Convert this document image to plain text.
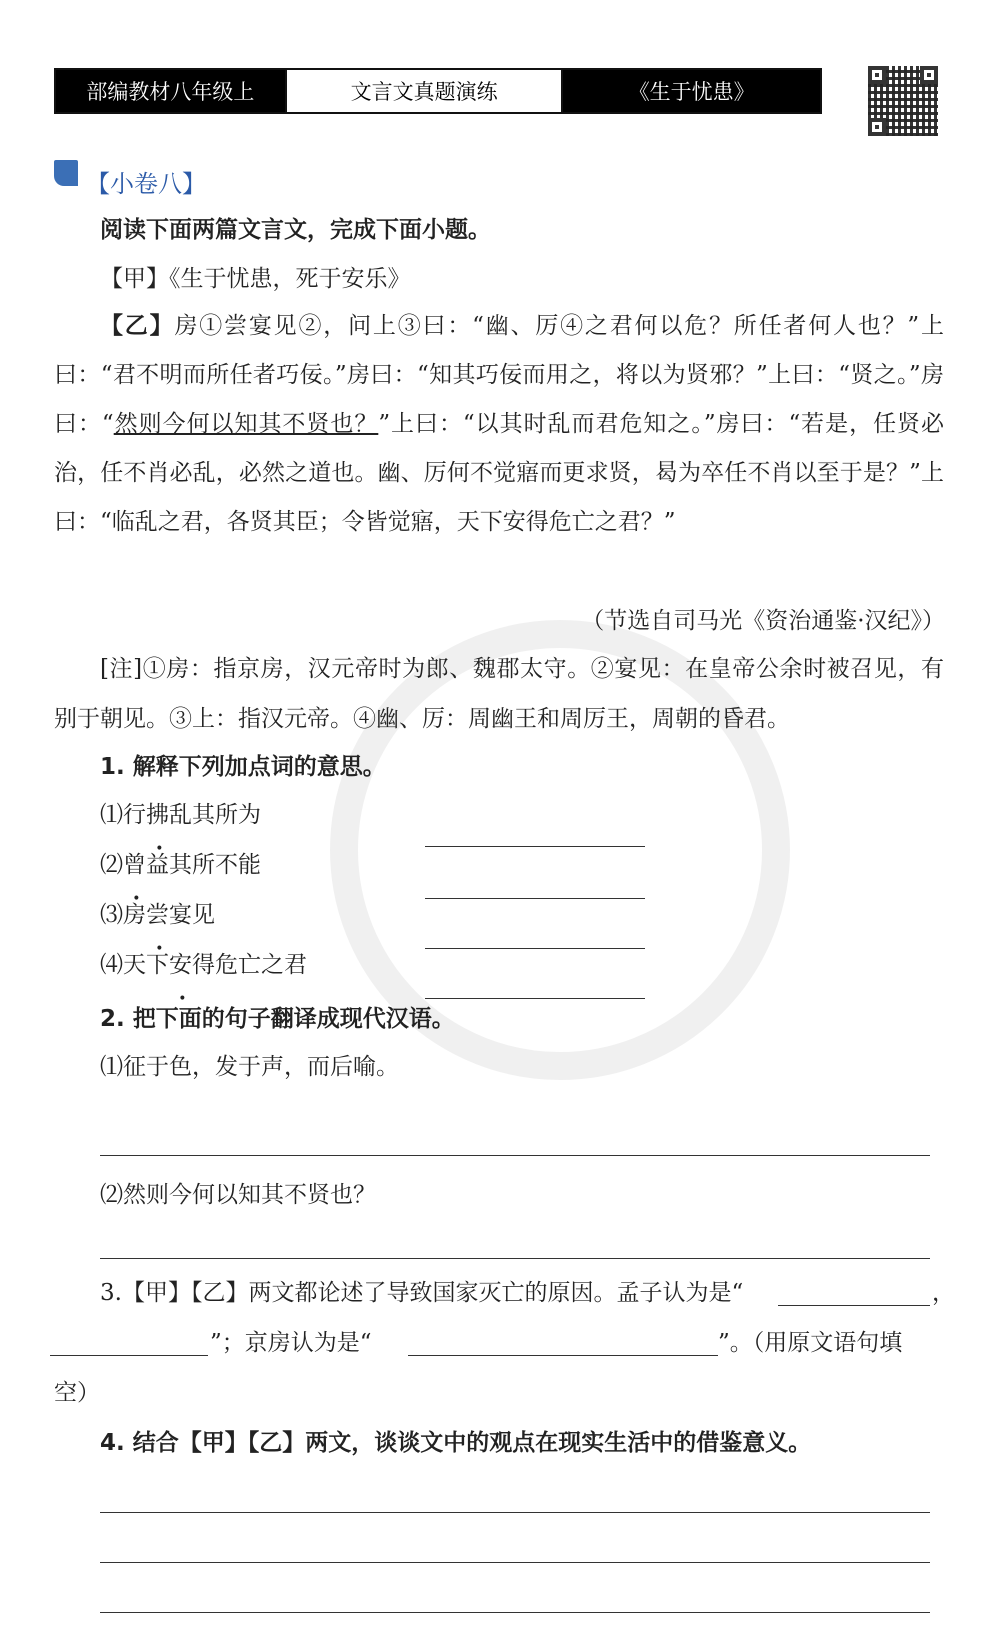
部编教材八年级上	文言文真题演练	《生于忧患》
【小卷八】

阅读下面两篇文言文，完成下面小题。

【甲】《生于忧患，死于安乐》

【乙】房①尝宴见②，问上③曰：“幽、厉④之君何以危？所任者何人也？”上曰：“君不明而所任者巧佞。”房曰：“知其巧佞而用之，将以为贤邪？”上曰：“贤之。”房曰：“然则今何以知其不贤也？”上曰：“以其时乱而君危知之。”房曰：“若是，任贤必治，任不肖必乱，必然之道也。幽、厉何不觉寤而更求贤，曷为卒任不肖以至于是？”上曰：“临乱之君，各贤其臣；令皆觉寤，天下安得危亡之君？”

（节选自司马光《资治通鉴·汉纪》）

[注]①房：指京房，汉元帝时为郎、魏郡太守。②宴见：在皇帝公余时被召见，有别于朝见。③上：指汉元帝。④幽、厉：周幽王和周厉王，周朝的昏君。

1. 解释下列加点词的意思。

⑴行拂乱其所为
⑵曾益其所不能
⑶房尝宴见
⑷天下安得危亡之君

2. 把下面的句子翻译成现代汉语。

⑴征于色，发于声，而后喻。

⑵然则今何以知其不贤也？

3.【甲】【乙】两文都论述了导致国家灭亡的原因。孟子认为是“	，

”；京房认为是“	”。（用原文语句填

空）

4. 结合【甲】【乙】两文，谈谈文中的观点在现实生活中的借鉴意义。
